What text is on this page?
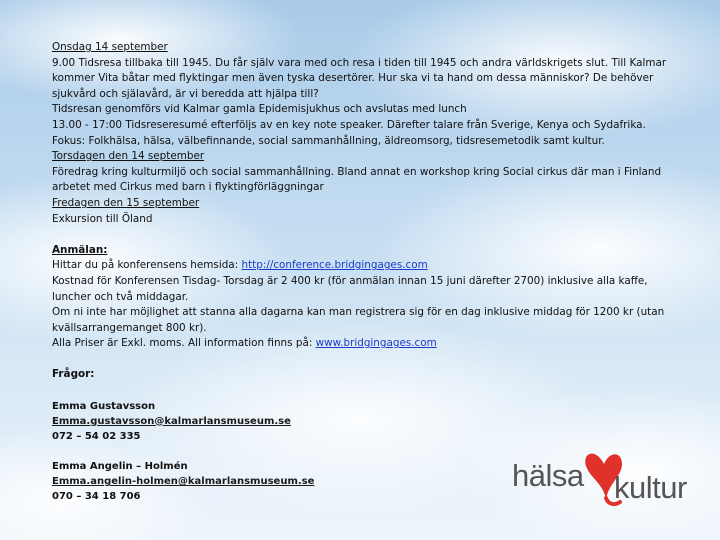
Onsdag 14 september

9.00 Tidsresa tillbaka till 1945. Du får själv vara med och resa i tiden till 1945 och andra världskrigets slut. Till Kalmar kommer Vita båtar med flyktingar men även tyska desertörer. Hur ska vi ta hand om dessa människor? De behöver sjukvård och själavård, är vi beredda att hjälpa till?

Tidsresan genomförs vid Kalmar gamla Epidemisjukhus och avslutas med lunch

13.00 - 17:00 Tidsreseresumé efterföljs av en key note speaker. Därefter talare från Sverige, Kenya och Sydafrika.

Fokus: Folkhälsa, hälsa, välbefinnande, social sammanhållning, äldreomsorg, tidsresemetodik samt kultur.

Torsdagen den 14 september

Föredrag kring kulturmiljö och social sammanhållning. Bland annat en workshop kring Social cirkus där man i Finland arbetet med Cirkus med barn i flyktingförläggningar

Fredagen den 15 september

Exkursion till Öland

Anmälan:

Hittar du på konferensens hemsida: http://conference.bridgingages.com

Kostnad för Konferensen Tisdag- Torsdag är 2 400 kr (för anmälan innan 15 juni därefter 2700) inklusive alla kaffe, luncher och två middagar.

Om ni inte har möjlighet att stanna alla dagarna kan man registrera sig för en dag inklusive middag för 1200 kr (utan kvällsarrangemanget 800 kr).

Alla Priser är Exkl. moms. All information finns på: www.bridgingages.com

Frågor:

Emma Gustavsson

Emma.gustavsson@kalmarlansmuseum.se

072 – 54 02 335

Emma Angelin – Holmén

Emma.angelin-holmen@kalmarlansmuseum.se

070 – 34 18 706

hälsa kultur
